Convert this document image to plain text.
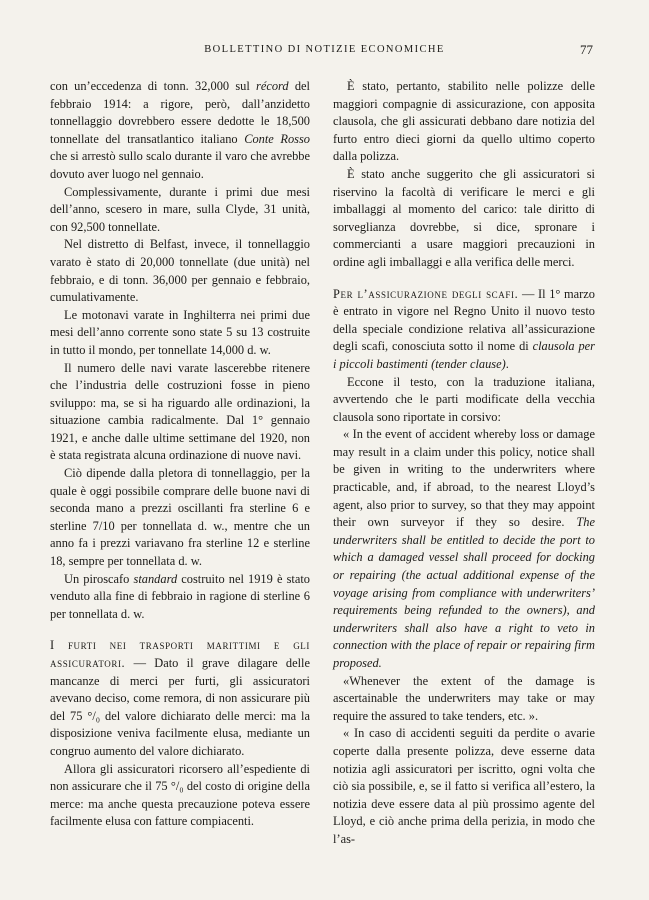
BOLLETTINO DI NOTIZIE ECONOMICHE	77

con un’eccedenza di tonn. 32,000 sul récord del febbraio 1914: a rigore, però, dall’anzidetto tonnellaggio dovrebbero essere dedotte le 18,500 tonnellate del transatlantico italiano Conte Rosso che si arrestò sullo scalo durante il varo che avrebbe dovuto aver luogo nel gennaio.

Complessivamente, durante i primi due mesi dell’anno, scesero in mare, sulla Clyde, 31 unità, con 92,500 tonnellate.

Nel distretto di Belfast, invece, il tonnellaggio varato è stato di 20,000 tonnellate (due unità) nel febbraio, e di tonn. 36,000 per gennaio e febbraio, cumulativamente.

Le motonavi varate in Inghilterra nei primi due mesi dell’anno corrente sono state 5 su 13 costruite in tutto il mondo, per tonnellate 14,000 d. w.

Il numero delle navi varate lascerebbe ritenere che l’industria delle costruzioni fosse in pieno sviluppo: ma, se si ha riguardo alle ordinazioni, la situazione cambia radicalmente. Dal 1° gennaio 1921, e anche dalle ultime settimane del 1920, non è stata registrata alcuna ordinazione di nuove navi.

Ciò dipende dalla pletora di tonnellaggio, per la quale è oggi possibile comprare delle buone navi di seconda mano a prezzi oscillanti fra sterline 6 e sterline 7/10 per tonnellata d. w., mentre che un anno fa i prezzi variavano fra sterline 12 e sterline 18, sempre per tonnellata d. w.

Un piroscafo standard costruito nel 1919 è stato venduto alla fine di febbraio in ragione di sterline 6 per tonnellata d. w.

I furti nei trasporti marittimi e gli assicuratori. — Dato il grave dilagare delle mancanze di merci per furti, gli assicuratori avevano deciso, come remora, di non assicurare più del 75 °/₀ del valore dichiarato delle merci: ma la disposizione veniva facilmente elusa, mediante un congruo aumento del valore dichiarato.

Allora gli assicuratori ricorsero all’espediente di non assicurare che il 75 °/₀ del costo di origine della merce: ma anche questa precauzione poteva essere facilmente elusa con fatture compiacenti.

È stato, pertanto, stabilito nelle polizze delle maggiori compagnie di assicurazione, con apposita clausola, che gli assicurati debbano dare notizia del furto entro dieci giorni da quello ultimo coperto dalla polizza.

È stato anche suggerito che gli assicuratori si riservino la facoltà di verificare le merci e gli imballaggi al momento del carico: tale diritto di sorveglianza dovrebbe, si dice, spronare i commercianti a usare maggiori precauzioni in ordine agli imballaggi e alla verifica delle merci.

Per l’assicurazione degli scafi. — Il 1° marzo è entrato in vigore nel Regno Unito il nuovo testo della speciale condizione relativa all’assicurazione degli scafi, conosciuta sotto il nome di clausola per i piccoli bastimenti (tender clause).

Eccone il testo, con la traduzione italiana, avvertendo che le parti modificate della vecchia clausola sono riportate in corsivo:

« In the event of accident whereby loss or damage may result in a claim under this policy, notice shall be given in writing to the underwriters where practicable, and, if abroad, to the nearest Lloyd’s agent, also prior to survey, so that they may appoint their own surveyor if they so desire. The underwriters shall be entitled to decide the port to which a damaged vessel shall proceed for docking or repairing (the actual additional expense of the voyage arising from compliance with underwriters’ requirements being refunded to the owners), and underwriters shall also have a right to veto in connection with the place of repair or repairing firm proposed.

«Whenever the extent of the damage is ascertainable the underwriters may take or may require the assured to take tenders, etc. ».

« In caso di accidenti seguiti da perdite o avarie coperte dalla presente polizza, deve esserne data notizia agli assicuratori per iscritto, ogni volta che ciò sia possibile, e, se il fatto si verifica all’estero, la notizia deve essere data al più prossimo agente del Lloyd, e ciò anche prima della perizia, in modo che l’as-
